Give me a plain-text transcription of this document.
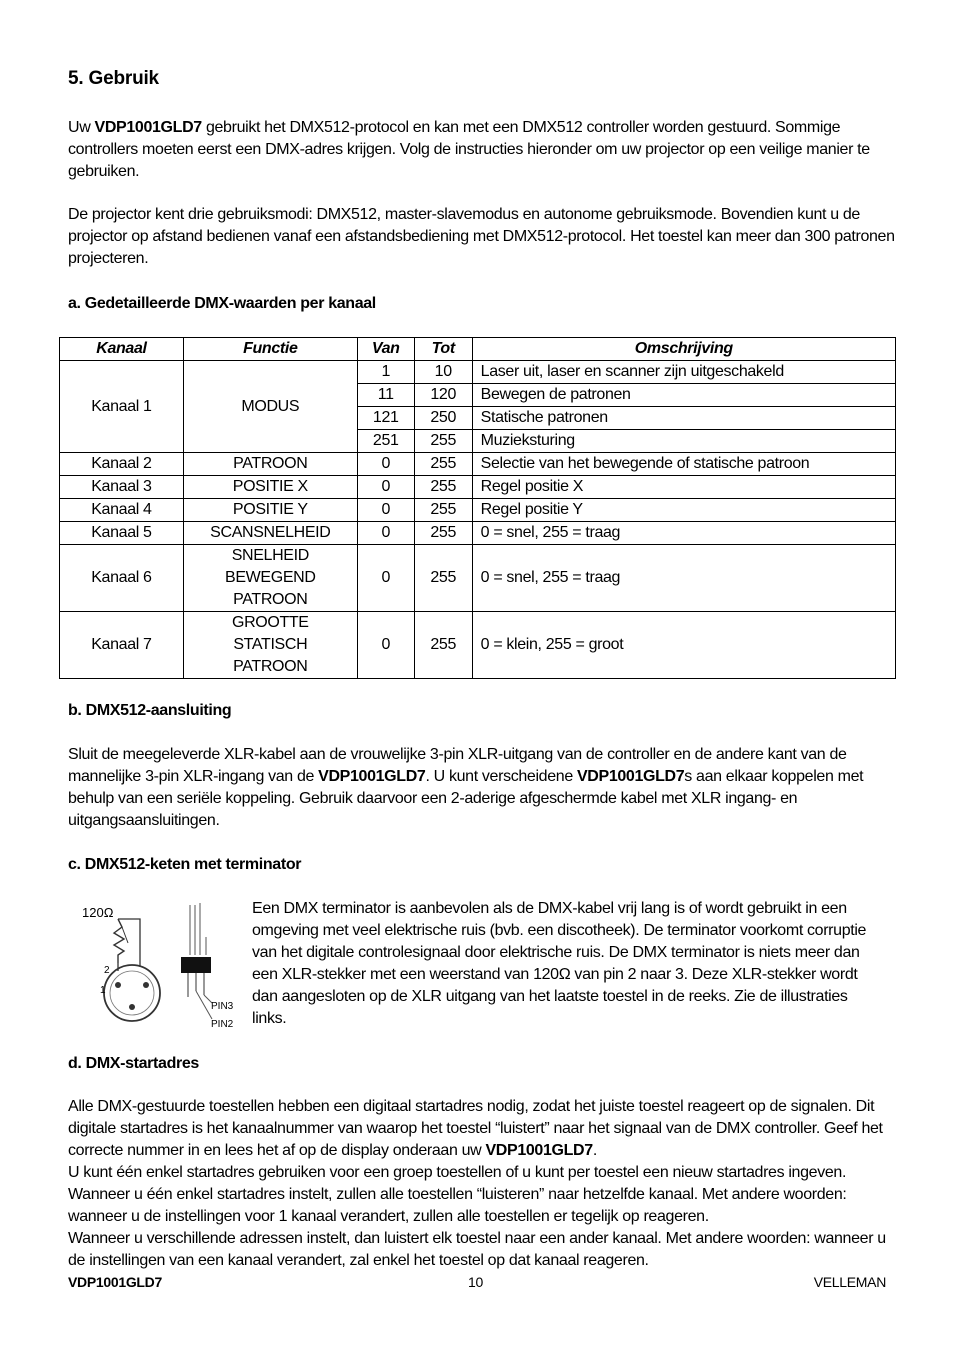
5. Gebruik
Uw VDP1001GLD7 gebruikt het DMX512-protocol en kan met een DMX512 controller worden gestuurd. Sommige controllers moeten eerst een DMX-adres krijgen. Volg de instructies hieronder om uw projector op een veilige manier te gebruiken.
De projector kent drie gebruiksmodi: DMX512, master-slavemodus en autonome gebruiksmode. Bovendien kunt u de projector op afstand bedienen vanaf een afstandsbediening met DMX512-protocol. Het toestel kan meer dan 300 patronen projecteren.
a. Gedetailleerde DMX-waarden per kanaal
b. DMX512-aansluiting
Sluit de meegeleverde XLR-kabel aan de vrouwelijke 3-pin XLR-uitgang van de controller en de andere kant van de mannelijke 3-pin XLR-ingang van de VDP1001GLD7. U kunt verscheidene VDP1001GLD7s aan elkaar koppelen met behulp van een seriële koppeling. Gebruik daarvoor een 2-aderige afgeschermde kabel met XLR ingang- en uitgangsaansluitingen.
c. DMX512-keten met terminator
d. DMX-startadres
Alle DMX-gestuurde toestellen hebben een digitaal startadres nodig, zodat het juiste toestel reageert op de signalen. Dit digitale startadres is het kanaalnummer van waarop het toestel “luistert” naar het signaal van de DMX controller. Geef het correcte nummer in en lees het af op de display onderaan uw VDP1001GLD7.
U kunt één enkel startadres gebruiken voor een groep toestellen of u kunt per toestel een nieuw startadres ingeven. Wanneer u één enkel startadres instelt, zullen alle toestellen “luisteren” naar hetzelfde kanaal. Met andere woorden: wanneer u de instellingen voor 1 kanaal verandert, zullen alle toestellen er tegelijk op reageren.
Wanneer u verschillende adressen instelt, dan luistert elk toestel naar een ander kanaal. Met andere woorden: wanneer u de instellingen van een kanaal verandert, zal enkel het toestel op dat kanaal reageren.
Kanaal	Functie	Van	Tot	Omschrijving
Kanaal 1	MODUS	1	10	Laser uit, laser en scanner zijn uitgeschakeld
		11	120	Bewegen de patronen
		121	250	Statische patronen
		251	255	Muzieksturing
Kanaal 2	PATROON	0	255	Selectie van het bewegende of statische patroon
Kanaal 3	POSITIE X	0	255	Regel positie X
Kanaal 4	POSITIE Y	0	255	Regel positie Y
Kanaal 5	SCANSNELHEID	0	255	0 = snel, 255 = traag
Kanaal 6	SNELHEID
BEWEGEND
PATROON	0	255	0 = snel, 255 = traag
Kanaal 7	GROOTTE
STATISCH
PATROON	0	255	0 = klein, 255 = groot
120Ω
2
1
PIN3
PIN2
Een DMX terminator is aanbevolen als de DMX-kabel vrij lang is of wordt gebruikt in een omgeving met veel elektrische ruis (bvb. een discotheek). De terminator voorkomt corruptie van het digitale controlesignaal door elektrische ruis. De DMX terminator is niets meer dan een XLR-stekker met een weerstand van 120Ω van pin 2 naar 3. Deze XLR-stekker wordt dan aangesloten op de XLR uitgang van het laatste toestel in de reeks. Zie de illustraties links.
VDP1001GLD7	10	VELLEMAN
